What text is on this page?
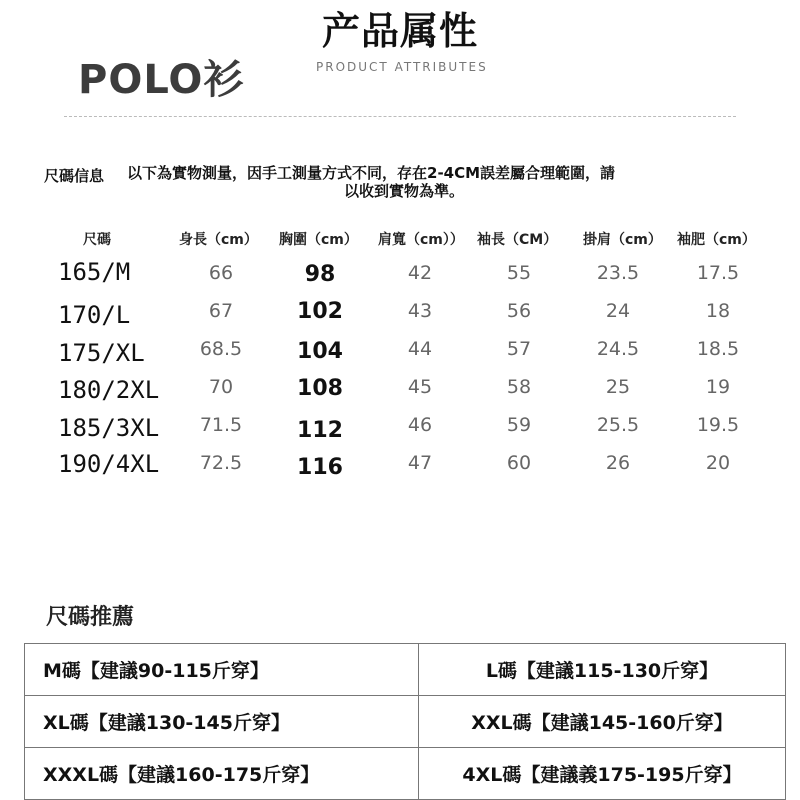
产品属性
POLO衫	PRODUCT ATTRIBUTES
尺碼信息 以下為實物測量，因手工測量方式不同，存在2-4CM誤差屬合理範圍，請
以收到實物為準。
尺碼	身長（cm） 胸圍（cm） 肩寬（cm）） 袖長（CM） 掛肩（cm） 袖肥（cm）
165/M	66	98	42	55	23.5	17.5
170/L	67	102	43	56	24	18
175/XL	68.5	104	44	57	24.5	18.5
180/2XL	70	108	45	58	25	19
185/3XL	71.5	112	46	59	25.5	19.5
190/4XL	72.5	116	47	60	26	20
尺碼推薦
M碼【建議90-115斤穿】	L碼【建議115-130斤穿】
XL碼【建議130-145斤穿】	XXL碼【建議145-160斤穿】
XXXL碼【建議160-175斤穿】	4XL碼【建議義175-195斤穿】
